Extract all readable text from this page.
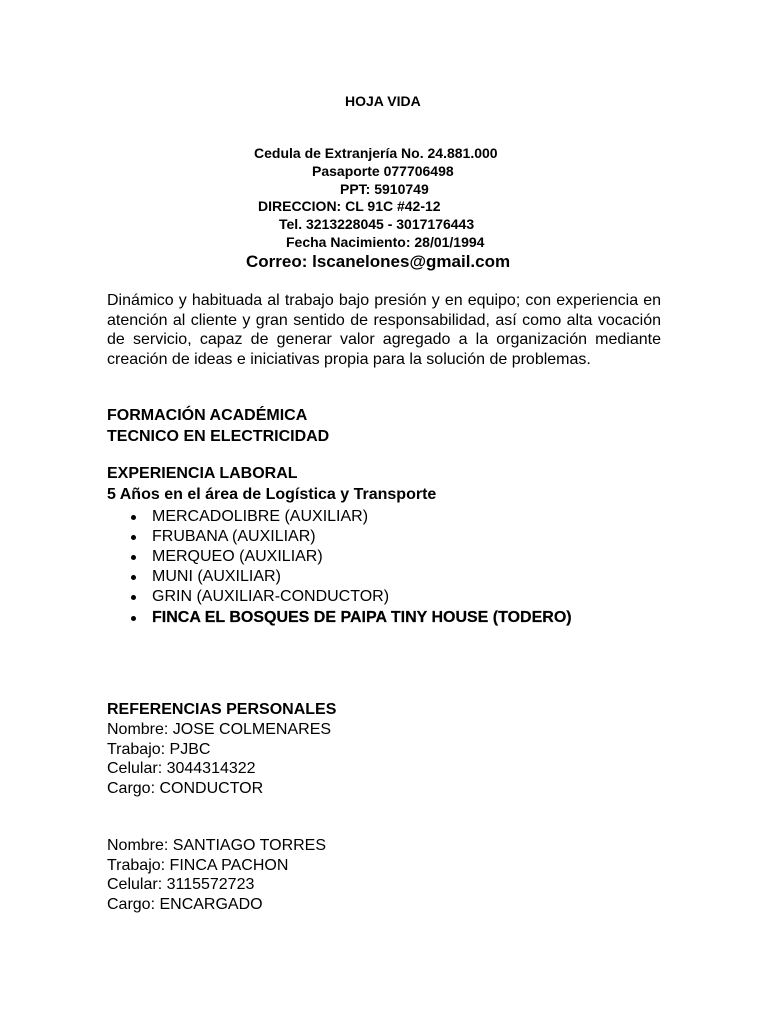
HOJA VIDA
Cedula de Extranjería No. 24.881.000
Pasaporte 077706498
PPT: 5910749
DIRECCION: CL 91C #42-12
Tel. 3213228045 - 3017176443
Fecha Nacimiento: 28/01/1994
Correo: lscanelones@gmail.com
Dinámico y habituada al trabajo bajo presión y en equipo; con experiencia en atención al cliente y gran sentido de responsabilidad, así como alta vocación de servicio, capaz de generar valor agregado a la organización mediante creación de ideas e iniciativas propia para la solución de problemas.
FORMACIÓN ACADÉMICA
TECNICO EN ELECTRICIDAD
EXPERIENCIA LABORAL
5 Años en el área de Logística y Transporte
MERCADOLIBRE (AUXILIAR)
FRUBANA (AUXILIAR)
MERQUEO (AUXILIAR)
MUNI (AUXILIAR)
GRIN (AUXILIAR-CONDUCTOR)
FINCA EL BOSQUES DE PAIPA TINY HOUSE (TODERO)
REFERENCIAS PERSONALES
Nombre: JOSE COLMENARES
Trabajo: PJBC
Celular: 3044314322
Cargo: CONDUCTOR
Nombre: SANTIAGO TORRES
Trabajo: FINCA PACHON
Celular: 3115572723
Cargo: ENCARGADO
